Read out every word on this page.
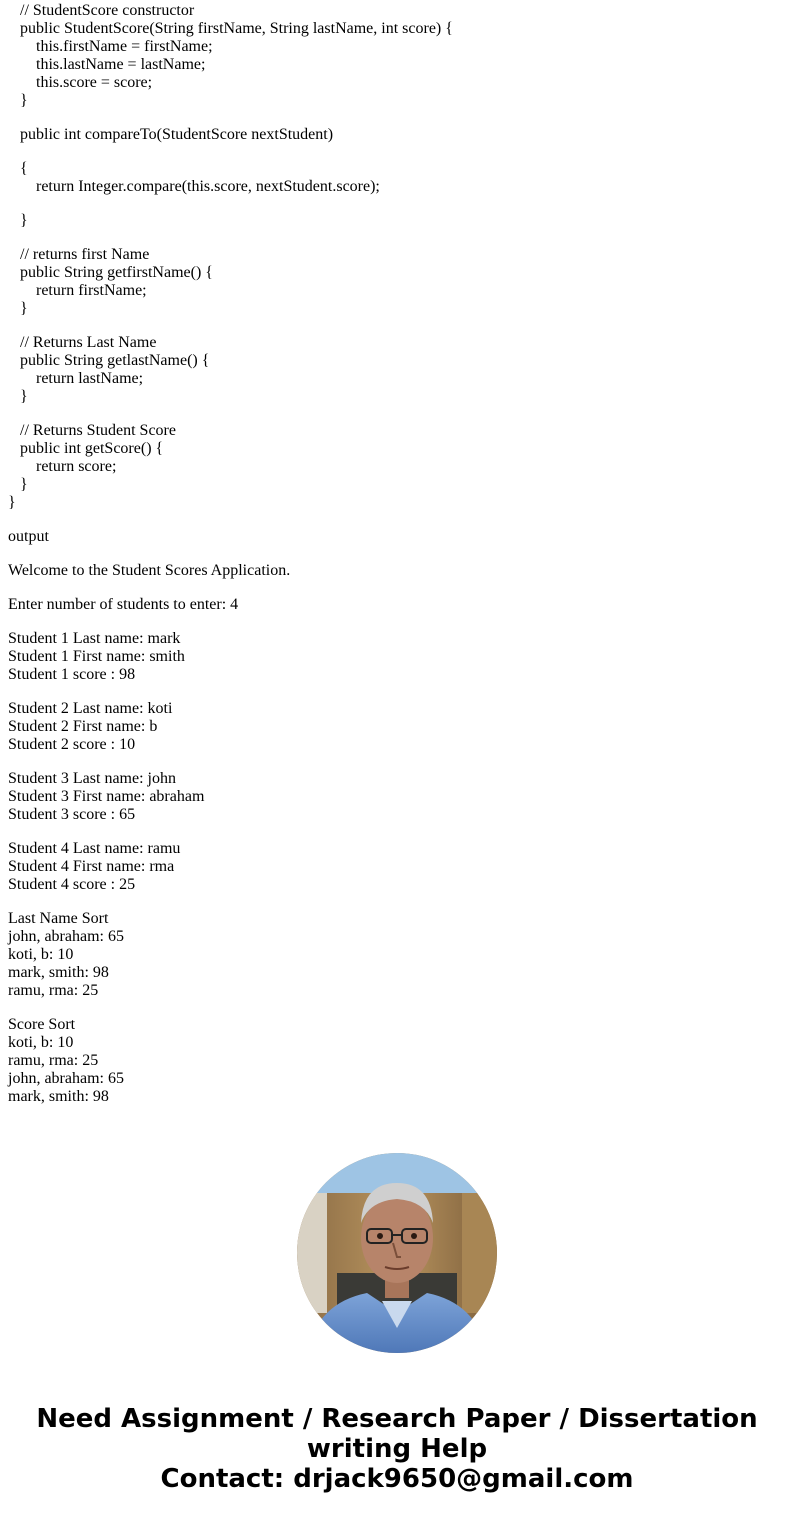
// StudentScore constructor
public StudentScore(String firstName, String lastName, int score) {
this.firstName = firstName;
this.lastName = lastName;
this.score = score;
}
public int compareTo(StudentScore nextStudent)
{
return Integer.compare(this.score, nextStudent.score);
}
// returns first Name
public String getfirstName() {
return firstName;
}
// Returns Last Name
public String getlastName() {
return lastName;
}
// Returns Student Score
public int getScore() {
return score;
}
}
output
Welcome to the Student Scores Application.
Enter number of students to enter: 4
Student 1 Last name: mark
Student 1 First name: smith
Student 1 score : 98
Student 2 Last name: koti
Student 2 First name: b
Student 2 score : 10
Student 3 Last name: john
Student 3 First name: abraham
Student 3 score : 65
Student 4 Last name: ramu
Student 4 First name: rma
Student 4 score : 25
Last Name Sort
john, abraham: 65
koti, b: 10
mark, smith: 98
ramu, rma: 25
Score Sort
koti, b: 10
ramu, rma: 25
john, abraham: 65
mark, smith: 98
Need Assignment / Research Paper / Dissertation
writing Help
Contact: drjack9650@gmail.com
